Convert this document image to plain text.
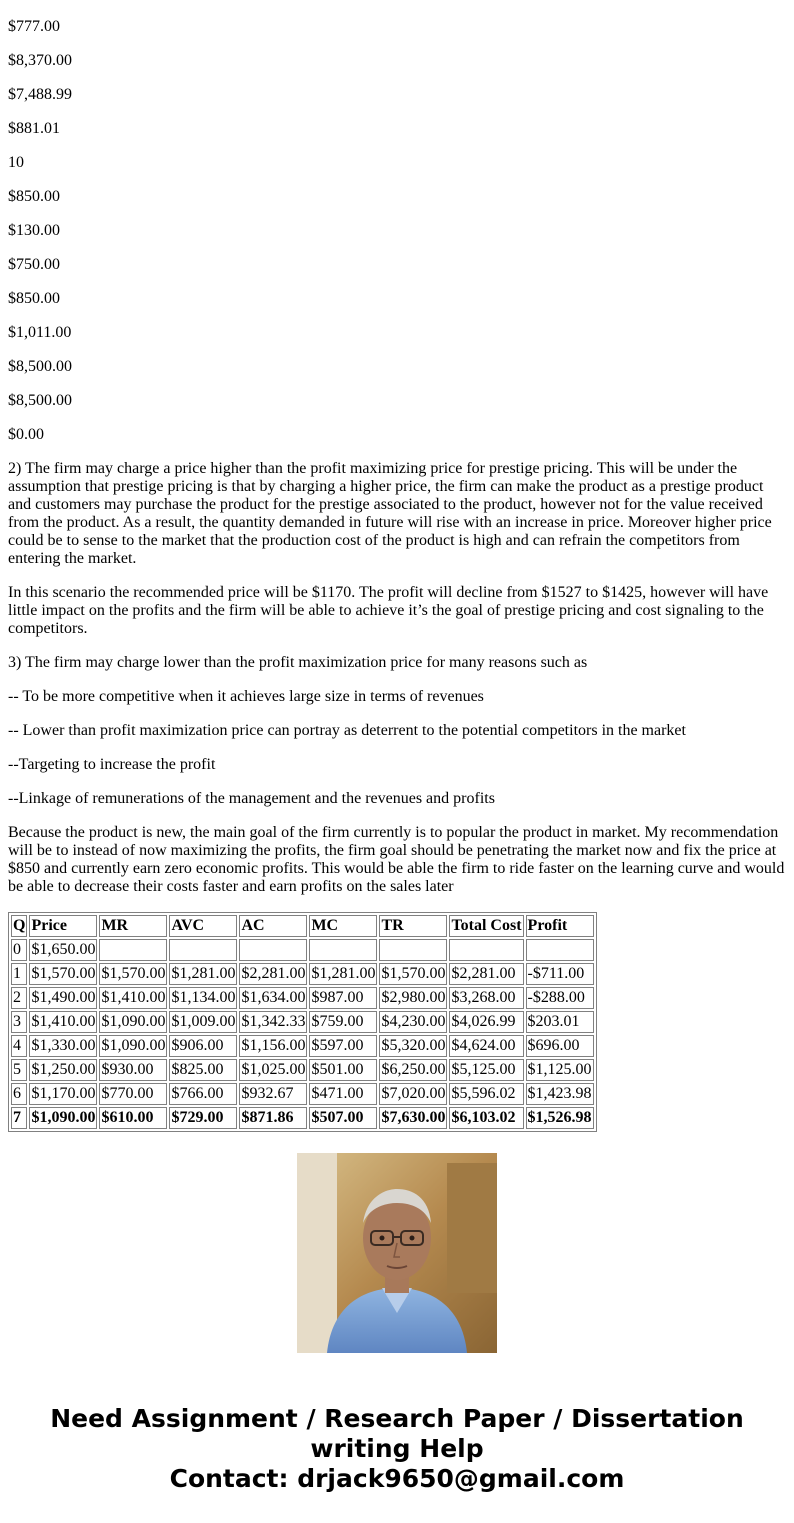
$777.00

$8,370.00

$7,488.99

$881.01

10

$850.00

$130.00

$750.00

$850.00

$1,011.00

$8,500.00

$8,500.00

$0.00

2) The firm may charge a price higher than the profit maximizing price for prestige pricing. This will be under the assumption that prestige pricing is that by charging a higher price, the firm can make the product as a prestige product and customers may purchase the product for the prestige associated to the product, however not for the value received from the product. As a result, the quantity demanded in future will rise with an increase in price. Moreover higher price could be to sense to the market that the production cost of the product is high and can refrain the competitors from entering the market.

In this scenario the recommended price will be $1170. The profit will decline from $1527 to $1425, however will have little impact on the profits and the firm will be able to achieve it’s the goal of prestige pricing and cost signaling to the competitors.

3) The firm may charge lower than the profit maximization price for many reasons such as

-- To be more competitive when it achieves large size in terms of revenues

-- Lower than profit maximization price can portray as deterrent to the potential competitors in the market

--Targeting to increase the profit

--Linkage of remunerations of the management and the revenues and profits

Because the product is new, the main goal of the firm currently is to popular the product in market. My recommendation will be to instead of now maximizing the profits, the firm goal should be penetrating the market now and fix the price at $850 and currently earn zero economic profits. This would be able the firm to ride faster on the learning curve and would be able to decrease their costs faster and earn profits on the sales later

Q	Price	MR	AVC	AC	MC	TR	Total Cost	Profit
0	$1,650.00							
1	$1,570.00	$1,570.00	$1,281.00	$2,281.00	$1,281.00	$1,570.00	$2,281.00	-$711.00
2	$1,490.00	$1,410.00	$1,134.00	$1,634.00	$987.00	$2,980.00	$3,268.00	-$288.00
3	$1,410.00	$1,090.00	$1,009.00	$1,342.33	$759.00	$4,230.00	$4,026.99	$203.01
4	$1,330.00	$1,090.00	$906.00	$1,156.00	$597.00	$5,320.00	$4,624.00	$696.00
5	$1,250.00	$930.00	$825.00	$1,025.00	$501.00	$6,250.00	$5,125.00	$1,125.00
6	$1,170.00	$770.00	$766.00	$932.67	$471.00	$7,020.00	$5,596.02	$1,423.98
7	$1,090.00	$610.00	$729.00	$871.86	$507.00	$7,630.00	$6,103.02	$1,526.98
Need Assignment / Research Paper / Dissertation
writing Help
Contact: drjack9650@gmail.com
